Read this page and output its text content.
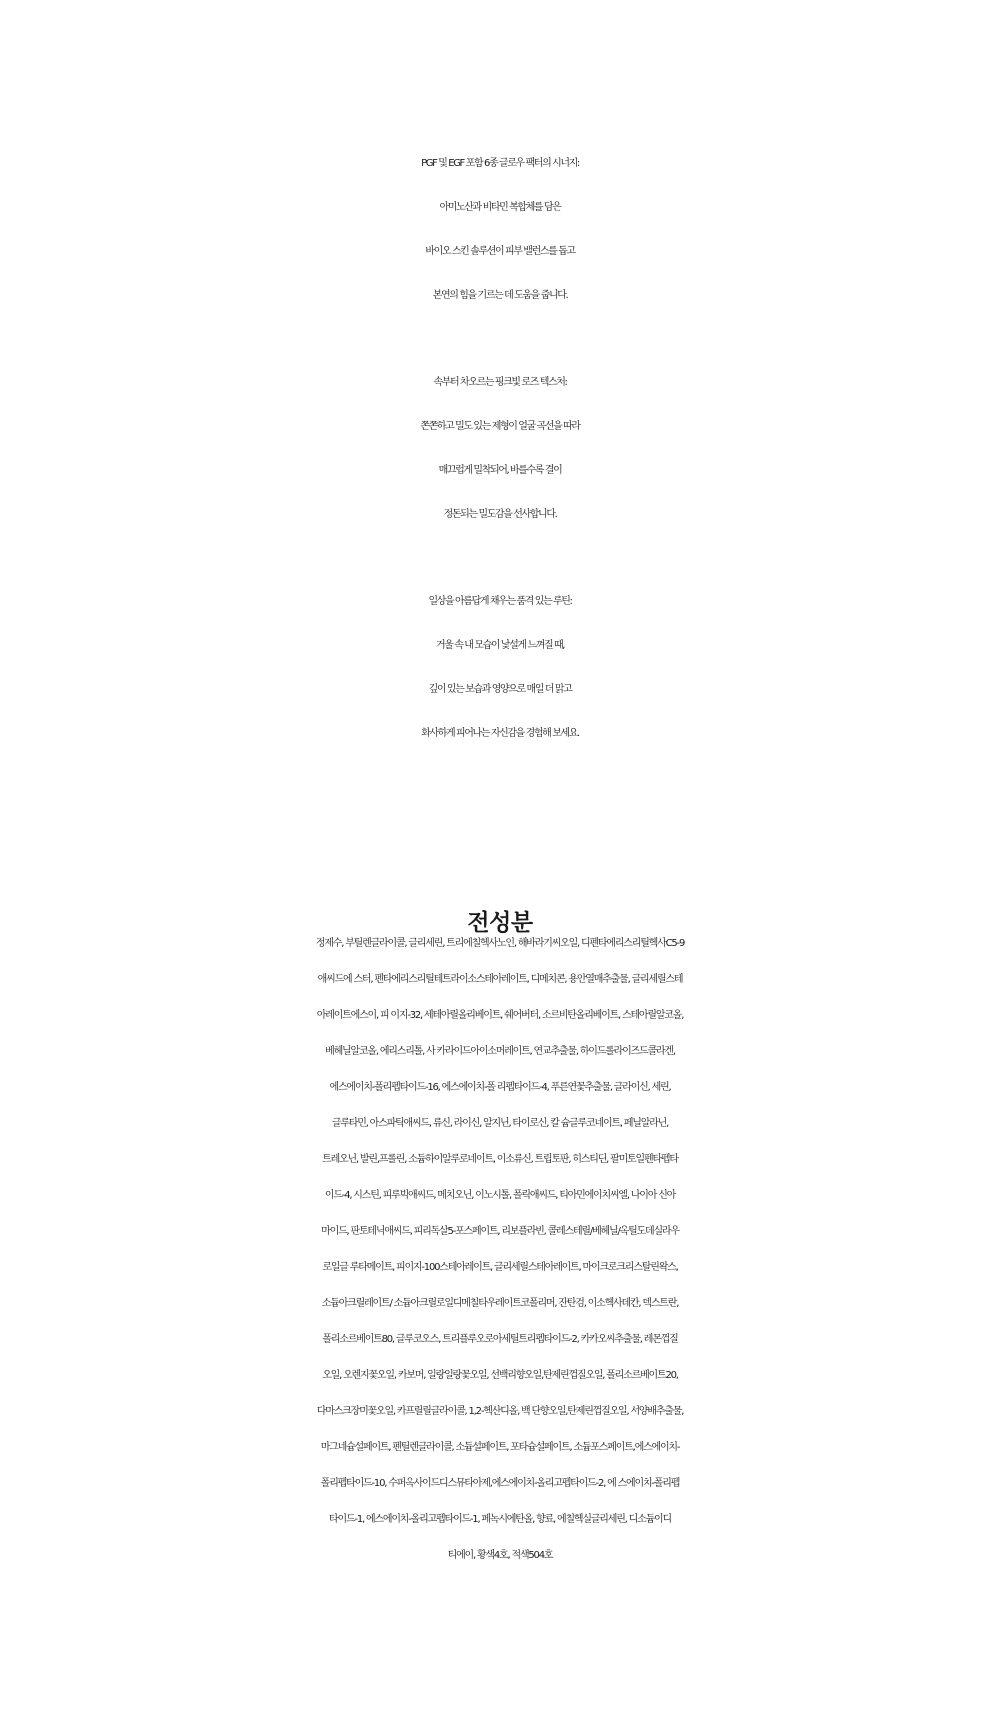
PGF 및 EGF 포함 6종 글로우 팩터의 시너지:
아미노산과 비타민 복합체를 담은
바이오 스킨 솔루션이 피부 밸런스를 돕고
본연의 힘을 기르는 데 도움을 줍니다.

속부터 차오르는 핑크빛 로즈 텍스처:
쫀쫀하고 밀도 있는 제형이 얼굴 곡선을 따라
매끄럽게 밀착되어, 바를수록 결이
정돈되는 밀도감을 선사합니다.

일상을 아름답게 채우는 품격 있는 루틴:
거울 속 내 모습이 낯설게 느껴질 때,
깊이 있는 보습과 영양으로 매일 더 맑고
화사하게 피어나는 자신감을 경험해 보세요.

전성분
정제수, 부틸렌글라이콜, 글리세린, 트리에칠헥사노인, 해바라기씨오일, 디펜타에리스리틸헥사C5-9
애씨드에 스터, 펜타에리스리틸테트라이소스테아레이트, 디메치콘, 용안열매추출물, 글리세릴스테
아레이트에스이, 피 이지-32, 세테아릴올리베이트, 쉐어버터, 소르비탄올리베이트, 스테아릴알코올,
베헤닐알코올, 에리스리톨, 사 카라이드아이소머레이트, 연교추출물, 하이드롤라이즈드콜라겐,
에스에이치-폴리펩타이드-16, 에스에이치-폴 리펩타이드-4, 푸른연꽃추출물, 글라이신, 세린,
글루타민, 아스파틱애씨드, 류신, 라이신, 알지닌, 타이로신, 칼 슘글루코네이트, 페닐알라닌,
트레오닌, 발린,프롤린, 소듐하이알루로네이트, 이소류신, 트립토판, 히스티딘, 팔미토일펜타펩타
이드-4, 시스틴, 피루빅애씨드, 메치오닌, 이노시톨, 폴릭애씨드, 티아민에이치씨엘, 나이아 신아
마이드, 판토테닉애씨드, 피리독살5-포스페이트, 리보플라빈, 콜레스테릴/베헤닐/옥틸도데실라우
로일글 루타메이트, 피이지-100스테아레이트, 글리세릴스테아레이트, 마이크로크리스탈린왁스,
소듐아크릴레이트/ 소듐아크릴로일디메칠타우레이트코폴리머, 잔탄검, 이소헥사데칸, 덱스트란,
폴리소르베이트80, 글루코오스, 트리플루오로아세틸트리펩타이드-2, 카카오씨추출물, 레몬껍질
오일, 오렌지꽃오일, 카보머, 일랑일랑꽃오일, 선백리향오일,탄제린껍질오일, 폴리소르베이트20,
다마스크장미꽃오일, 카프릴릴글라이콜, 1,2-헥산디올, 백 단향오일,탄제린껍질오일, 서양배추출물,
마그네슘설페이트, 펜틸렌글라이콜, 소듐설페이트, 포타슘설페이트, 소듐포스페이트,에스에이치-
폴리펩타이드-10, 수퍼옥사이드디스뮤타아제,에스에이치-올리고펩타이드-2, 에 스에이치-폴리펩
타이드-1, 에스에이치-올리고펩타이드-1, 페녹시에탄올, 향료, 에칠헥실글리세린, 디소듐이디
티에이, 황색4호, 적색504호
